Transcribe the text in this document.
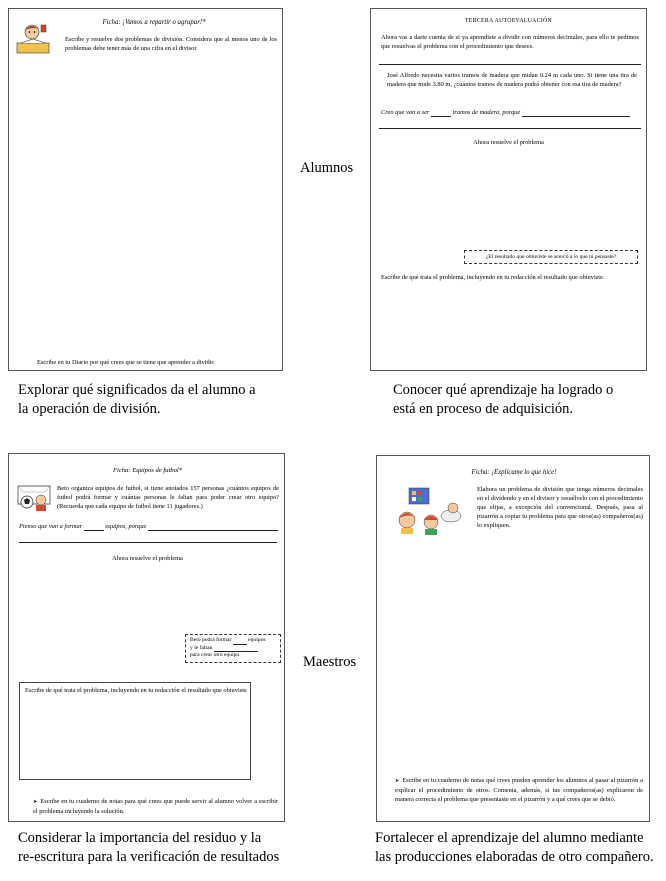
Ficha: ¡Vamos a repartir o agrupar!*
Escribe y resuelve dos problemas de división. Considera que al menos uno de los problemas debe tener más de una cifra en el divisor.
Escribe en tu Diario por qué crees que se tiene que aprender a dividir.
TERCERA AUTOEVALUACIÓN
Ahora vas a darte cuenta de si ya aprendiste a dividir con números decimales, para ello te pedimos que resuelvas el problema con el procedimiento que desees.
José Alfredo necesita varios tramos de madera que midan 0.24 m cada uno. Si tiene una tira de madera que mide 3.80 m, ¿cuántos tramos de madera podrá obtener con esa tira de madera?
Creo que van a ser	tramos de madera, porque
Ahora resuelve el problema
¿El resultado que obtuviste se acercó a lo que tú pensaste?
Escribe de qué trata el problema, incluyendo en tu redacción el resultado que obtuviste.
Alumnos
Explorar qué significados da el alumno a
la operación de división.
Conocer qué aprendizaje ha logrado o
está en proceso de adquisición.
Ficha: Equipos de futbol*
Beto organiza equipos de futbol, si tiene anotados 157 personas ¿cuántos equipos de futbol podrá formar y cuántas personas le faltan para poder crear otro equipo? (Recuerda que cada equipo de futbol tiene 11 jugadores.)
Pienso que van a formar	equipos, porque
Ahora resuelve el problema
Beto podrá formar	equipos
y le faltan
para crear otro equipo.
Escribe de qué trata el problema, incluyendo en tu redacción el resultado que obtuviste
➤ Escribe en tu cuaderno de notas para qué crees que puede servir al alumno volver a escribir el problema incluyendo la solución.
Ficha: ¡Explícame lo que hice!
Elabora un problema de división que tenga números decimales en el dividendo y en el divisor y resuélvelo con el procedimiento que elijas, a excepción del convencional. Después, pasa al pizarrón a copiar tu problema para que otros(as) compañeros(as) lo expliquen.
➤ Escribe en tu cuaderno de notas qué crees pueden aprender los alumnos al pasar al pizarrón a explicar el procedimiento de otros. Comenta, además, si tus compañeros(as) explicaron de manera correcta el problema que presentaste en el pizarrón y a qué crees que se debió.
Maestros
Considerar la importancia del residuo y la
re-escritura para la verificación de resultados
Fortalecer el aprendizaje del alumno mediante
las producciones elaboradas de otro compañero.
